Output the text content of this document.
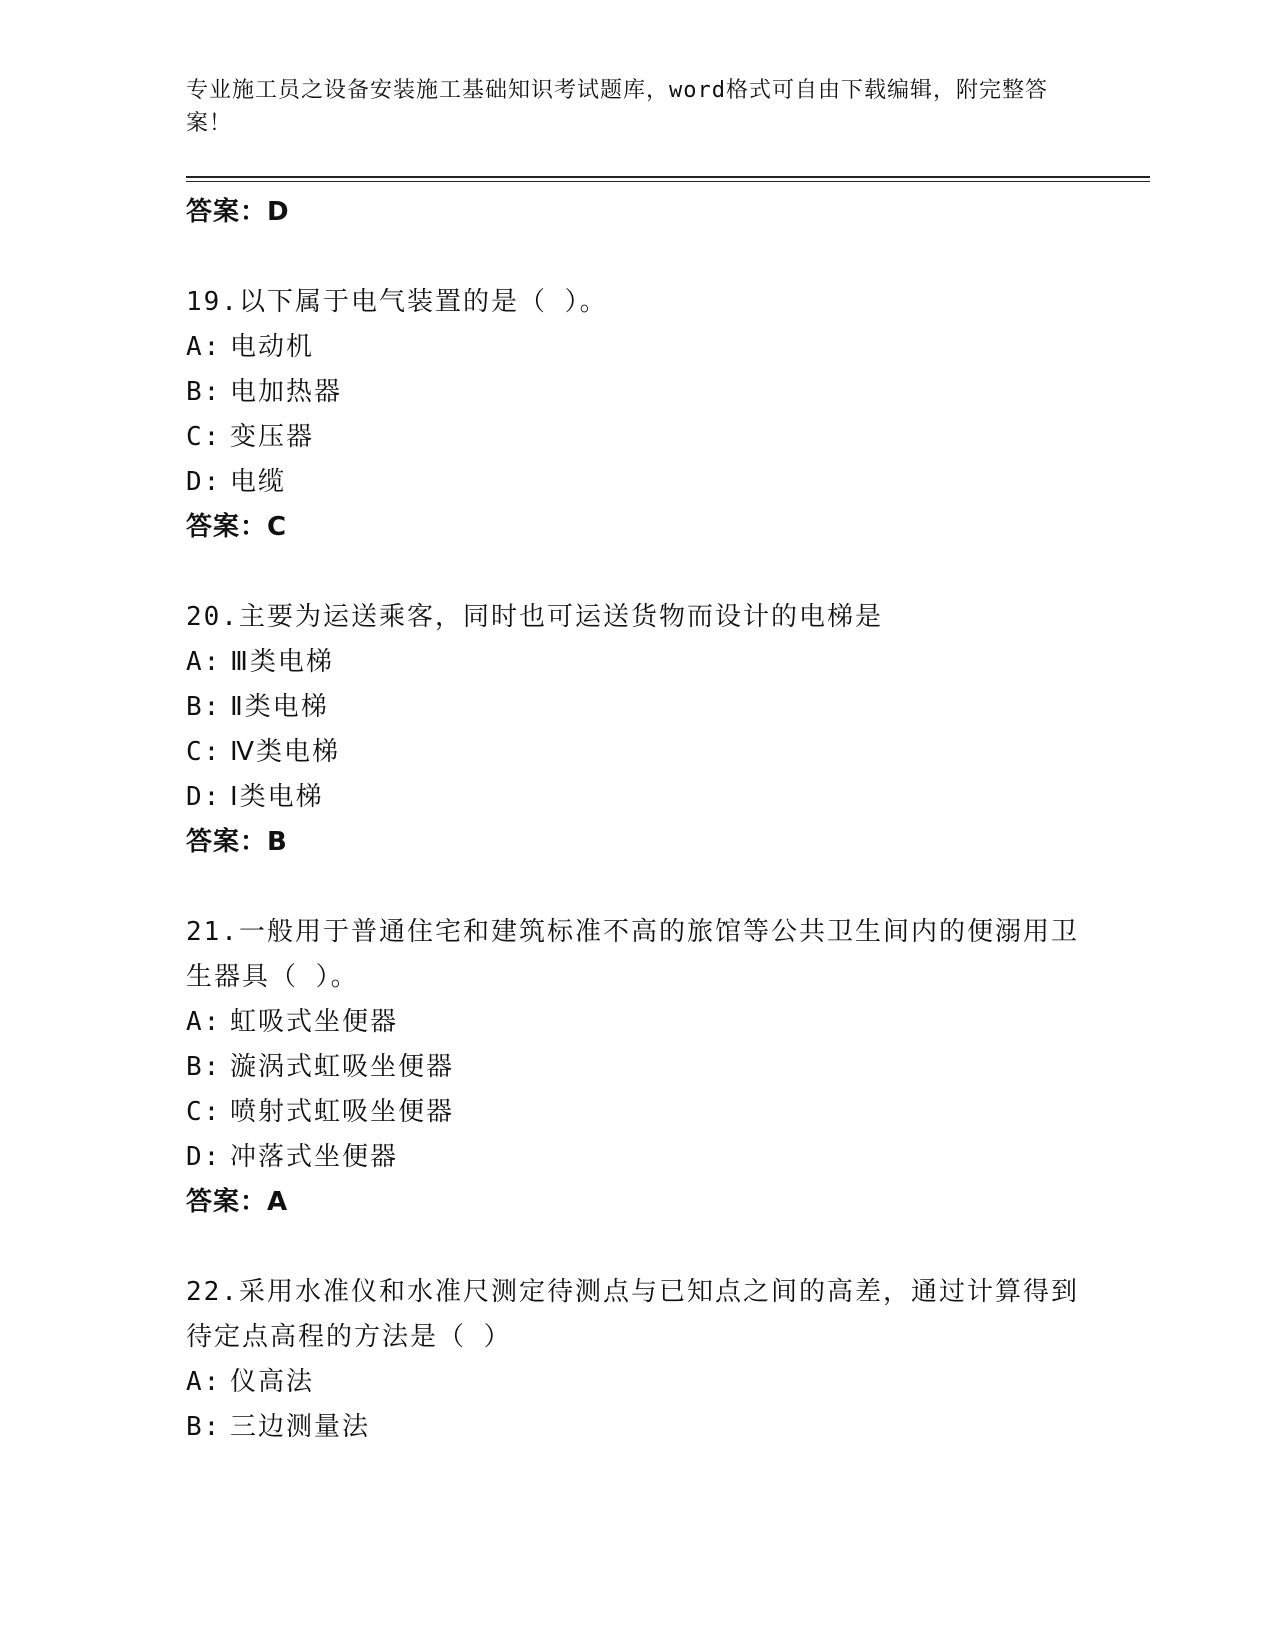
专业施工员之设备安装施工基础知识考试题库，word格式可自由下载编辑，附完整答案！
答案：D
19.以下属于电气装置的是（ ）。
A: 电动机
B: 电加热器
C: 变压器
D: 电缆
答案：C
20.主要为运送乘客，同时也可运送货物而设计的电梯是
A: Ⅲ类电梯
B: Ⅱ类电梯
C: Ⅳ类电梯
D: Ⅰ类电梯
答案：B
21.一般用于普通住宅和建筑标准不高的旅馆等公共卫生间内的便溺用卫生器具（ ）。
A: 虹吸式坐便器
B: 漩涡式虹吸坐便器
C: 喷射式虹吸坐便器
D: 冲落式坐便器
答案：A
22.采用水准仪和水准尺测定待测点与已知点之间的高差，通过计算得到待定点高程的方法是（ ）
A: 仪高法
B: 三边测量法
